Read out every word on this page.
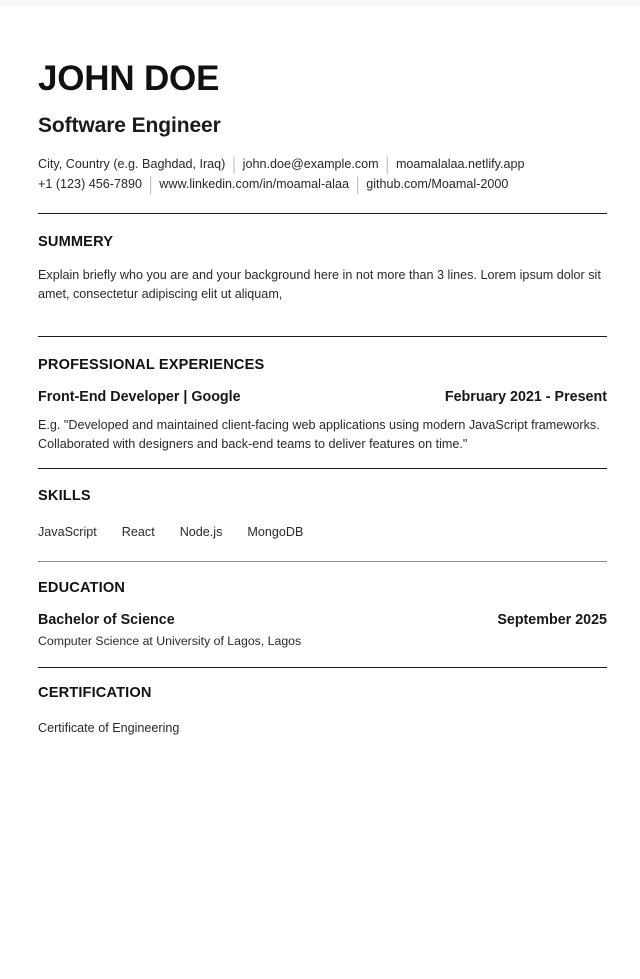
JOHN DOE
Software Engineer
City, Country (e.g. Baghdad, Iraq) | john.doe@example.com | moamalalaa.netlify.app
+1 (123) 456-7890 | www.linkedin.com/in/moamal-alaa | github.com/Moamal-2000
SUMMERY

Explain briefly who you are and your background here in not more than 3 lines. Lorem ipsum dolor sit amet, consectetur adipiscing elit ut aliquam,

PROFESSIONAL EXPERIENCES
Front-End Developer | Google	February 2021 - Present

E.g. "Developed and maintained client-facing web applications using modern JavaScript frameworks. Collaborated with designers and back-end teams to deliver features on time."

SKILLS
JavaScript React Node.js MongoDB
EDUCATION
Bachelor of Science	September 2025
Computer Science at University of Lagos, Lagos
CERTIFICATION

Certificate of Engineering
